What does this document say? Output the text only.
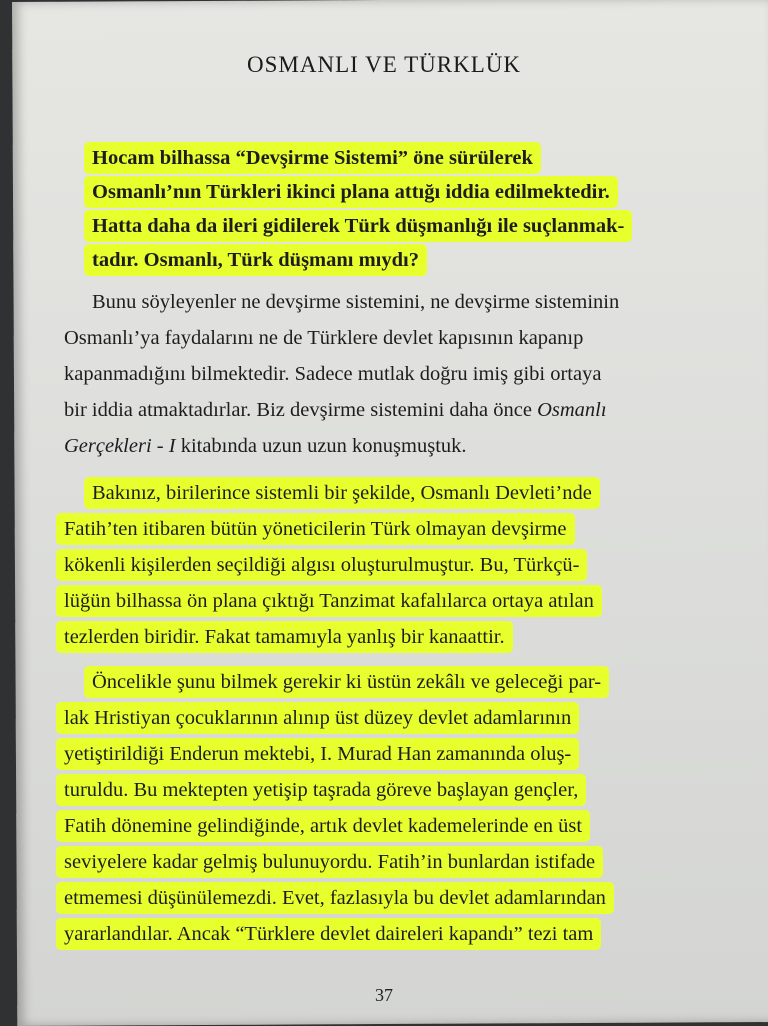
OSMANLI VE TÜRKLÜK
Hocam bilhassa “Devşirme Sistemi” öne sürülerek
Osmanlı’nın Türkleri ikinci plana attığı iddia edilmektedir.
Hatta daha da ileri gidilerek Türk düşmanlığı ile suçlanmak-
tadır. Osmanlı, Türk düşmanı mıydı?
Bunu söyleyenler ne devşirme sistemini, ne devşirme sisteminin
Osmanlı’ya faydalarını ne de Türklere devlet kapısının kapanıp
kapanmadığını bilmektedir. Sadece mutlak doğru imiş gibi ortaya
bir iddia atmaktadırlar. Biz devşirme sistemini daha önce Osmanlı
Gerçekleri - I kitabında uzun uzun konuşmuştuk.
Bakınız, birilerince sistemli bir şekilde, Osmanlı Devleti’nde
Fatih’ten itibaren bütün yöneticilerin Türk olmayan devşirme
kökenli kişilerden seçildiği algısı oluşturulmuştur. Bu, Türkçü-
lüğün bilhassa ön plana çıktığı Tanzimat kafalılarca ortaya atılan
tezlerden biridir. Fakat tamamıyla yanlış bir kanaattir.
Öncelikle şunu bilmek gerekir ki üstün zekâlı ve geleceği par-
lak Hristiyan çocuklarının alınıp üst düzey devlet adamlarının
yetiştirildiği Enderun mektebi, I. Murad Han zamanında oluş-
turuldu. Bu mektepten yetişip taşrada göreve başlayan gençler,
Fatih dönemine gelindiğinde, artık devlet kademelerinde en üst
seviyelere kadar gelmiş bulunuyordu. Fatih’in bunlardan istifade
etmemesi düşünülemezdi. Evet, fazlasıyla bu devlet adamlarından
yararlandılar. Ancak “Türklere devlet daireleri kapandı” tezi tam
37
